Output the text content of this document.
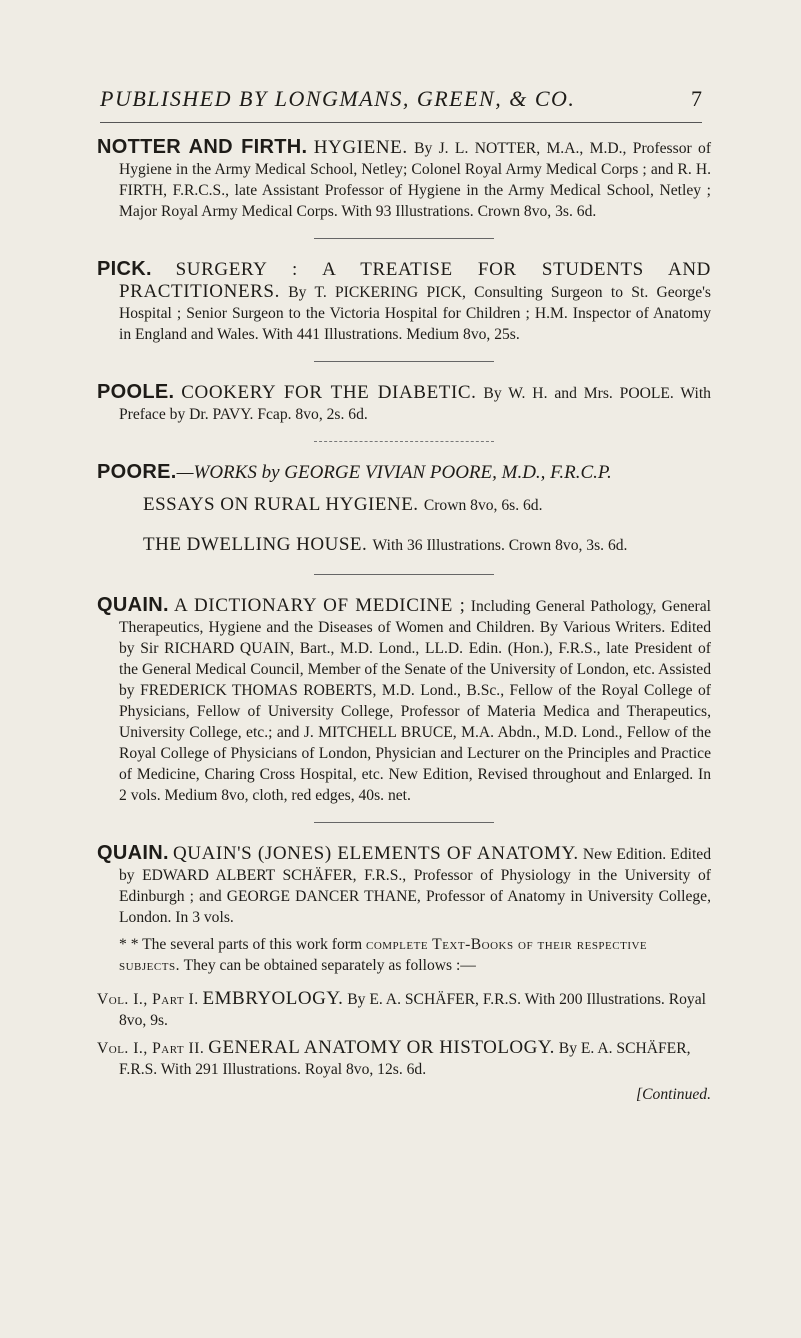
PUBLISHED BY LONGMANS, GREEN, & CO.	7

NOTTER AND FIRTH. HYGIENE. By J. L. NOTTER, M.A., M.D., Professor of Hygiene in the Army Medical School, Netley; Colonel Royal Army Medical Corps ; and R. H. FIRTH, F.R.C.S., late Assistant Professor of Hygiene in the Army Medical School, Netley ; Major Royal Army Medical Corps. With 93 Illustrations. Crown 8vo, 3s. 6d.

PICK. SURGERY : A TREATISE FOR STUDENTS AND PRACTITIONERS. By T. PICKERING PICK, Consulting Surgeon to St. George's Hospital ; Senior Surgeon to the Victoria Hospital for Children ; H.M. Inspector of Anatomy in England and Wales. With 441 Illustrations. Medium 8vo, 25s.

POOLE. COOKERY FOR THE DIABETIC. By W. H. and Mrs. POOLE. With Preface by Dr. PAVY. Fcap. 8vo, 2s. 6d.

POORE.—WORKS by GEORGE VIVIAN POORE, M.D., F.R.C.P.

ESSAYS ON RURAL HYGIENE. Crown 8vo, 6s. 6d.

THE DWELLING HOUSE. With 36 Illustrations. Crown 8vo, 3s. 6d.

QUAIN. A DICTIONARY OF MEDICINE ; Including General Pathology, General Therapeutics, Hygiene and the Diseases of Women and Children. By Various Writers. Edited by Sir RICHARD QUAIN, Bart., M.D. Lond., LL.D. Edin. (Hon.), F.R.S., late President of the General Medical Council, Member of the Senate of the University of London, etc. Assisted by FREDERICK THOMAS ROBERTS, M.D. Lond., B.Sc., Fellow of the Royal College of Physicians, Fellow of University College, Professor of Materia Medica and Therapeutics, University College, etc.; and J. MITCHELL BRUCE, M.A. Abdn., M.D. Lond., Fellow of the Royal College of Physicians of London, Physician and Lecturer on the Principles and Practice of Medicine, Charing Cross Hospital, etc. New Edition, Revised throughout and Enlarged. In 2 vols. Medium 8vo, cloth, red edges, 40s. net.

QUAIN. QUAIN'S (JONES) ELEMENTS OF ANATOMY. New Edition. Edited by EDWARD ALBERT SCHÄFER, F.R.S., Professor of Physiology in the University of Edinburgh ; and GEORGE DANCER THANE, Professor of Anatomy in University College, London. In 3 vols.

* * The several parts of this work form complete Text-Books of their respective subjects. They can be obtained separately as follows :—

Vol. I., Part I. EMBRYOLOGY. By E. A. SCHÄFER, F.R.S. With 200 Illustrations. Royal 8vo, 9s.

Vol. I., Part II. GENERAL ANATOMY OR HISTOLOGY. By E. A. SCHÄFER, F.R.S. With 291 Illustrations. Royal 8vo, 12s. 6d.

[Continued.
